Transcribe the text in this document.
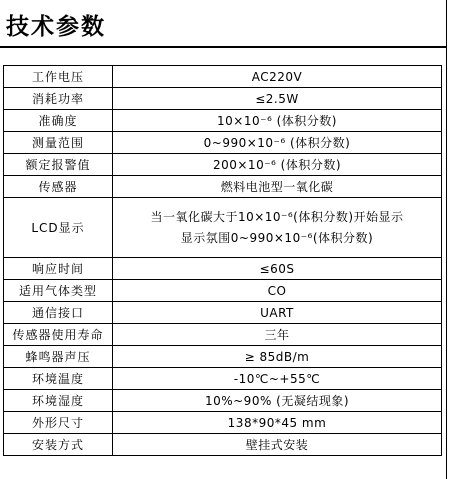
技术参数
工作电压	AC220V
消耗功率	≤2.5W
准确度	10×10⁻⁶ (体积分数)
测量范围	0~990×10⁻⁶ (体积分数)
额定报警值	200×10⁻⁶ (体积分数)
传感器	燃料电池型一氧化碳
LCD显示	当一氧化碳大于10×10⁻⁶(体积分数)开始显示
显示氛围0~990×10⁻⁶(体积分数)

响应时间	≤60S
适用气体类型	CO
通信接口	UART
传感器使用寿命	三年
蜂鸣器声压	≥ 85dB/m
环境温度	-10℃~+55℃
环境湿度	10%~90% (无凝结现象)
外形尺寸	138*90*45 mm
安装方式	壁挂式安装
